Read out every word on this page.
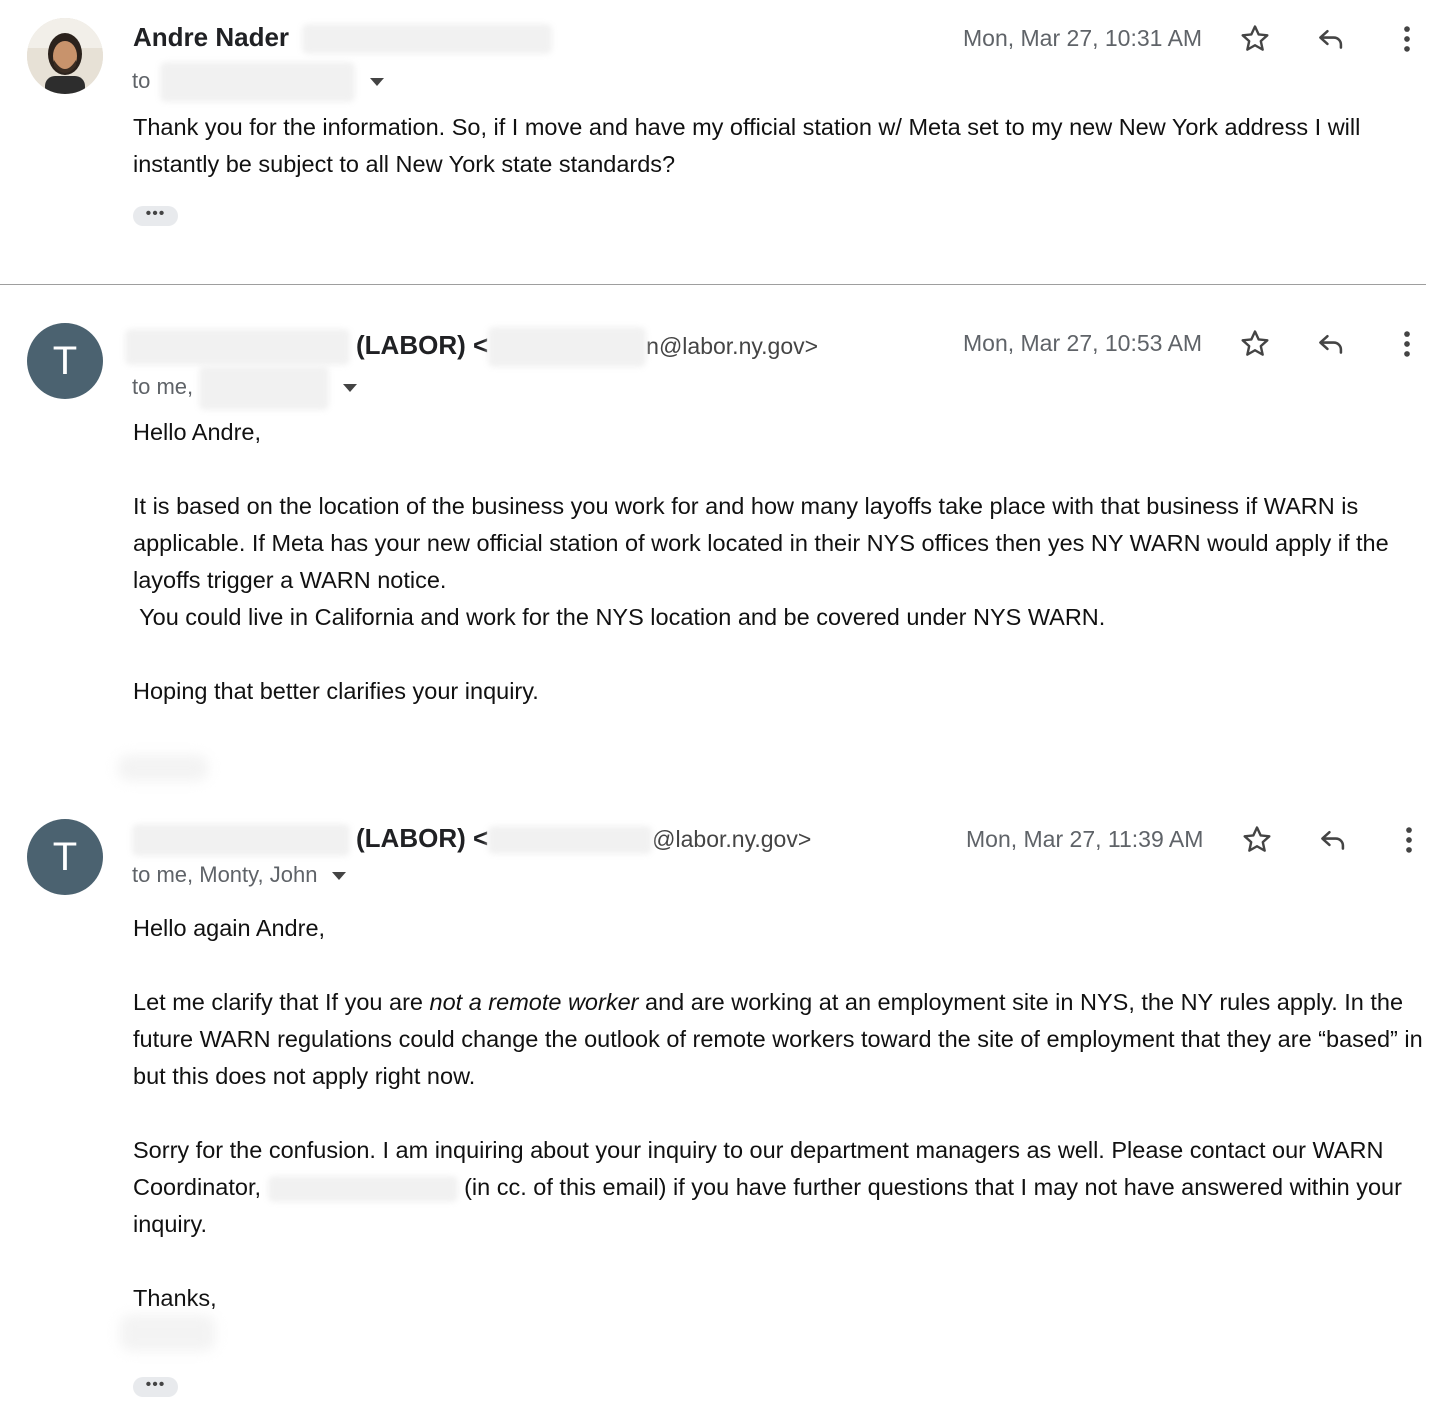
Andre Nader
to
Mon, Mar 27, 10:31 AM

Thank you for the information. So, if I move and have my official station w/ Meta set to my new New York address I will instantly be subject to all New York state standards?

•••
T	(LABOR) <	n@labor.ny.gov>
to me,
Mon, Mar 27, 10:53 AM

Hello Andre,

It is based on the location of the business you work for and how many layoffs take place with that business if WARN is applicable. If Meta has your new official station of work located in their NYS offices then yes NY WARN would apply if the layoffs trigger a WARN notice.

You could live in California and work for the NYS location and be covered under NYS WARN.

Hoping that better clarifies your inquiry.

T	(LABOR) <	@labor.ny.gov>
to me, Monty, John
Mon, Mar 27, 11:39 AM

Hello again Andre,

Let me clarify that If you are not a remote worker and are working at an employment site in NYS, the NY rules apply. In the future WARN regulations could change the outlook of remote workers toward the site of employment that they are “based” in but this does not apply right now.

Sorry for the confusion. I am inquiring about your inquiry to our department managers as well. Please contact our WARN Coordinator,	(in cc. of this email) if you have further questions that I may not have answered within your inquiry.

Thanks,

•••
